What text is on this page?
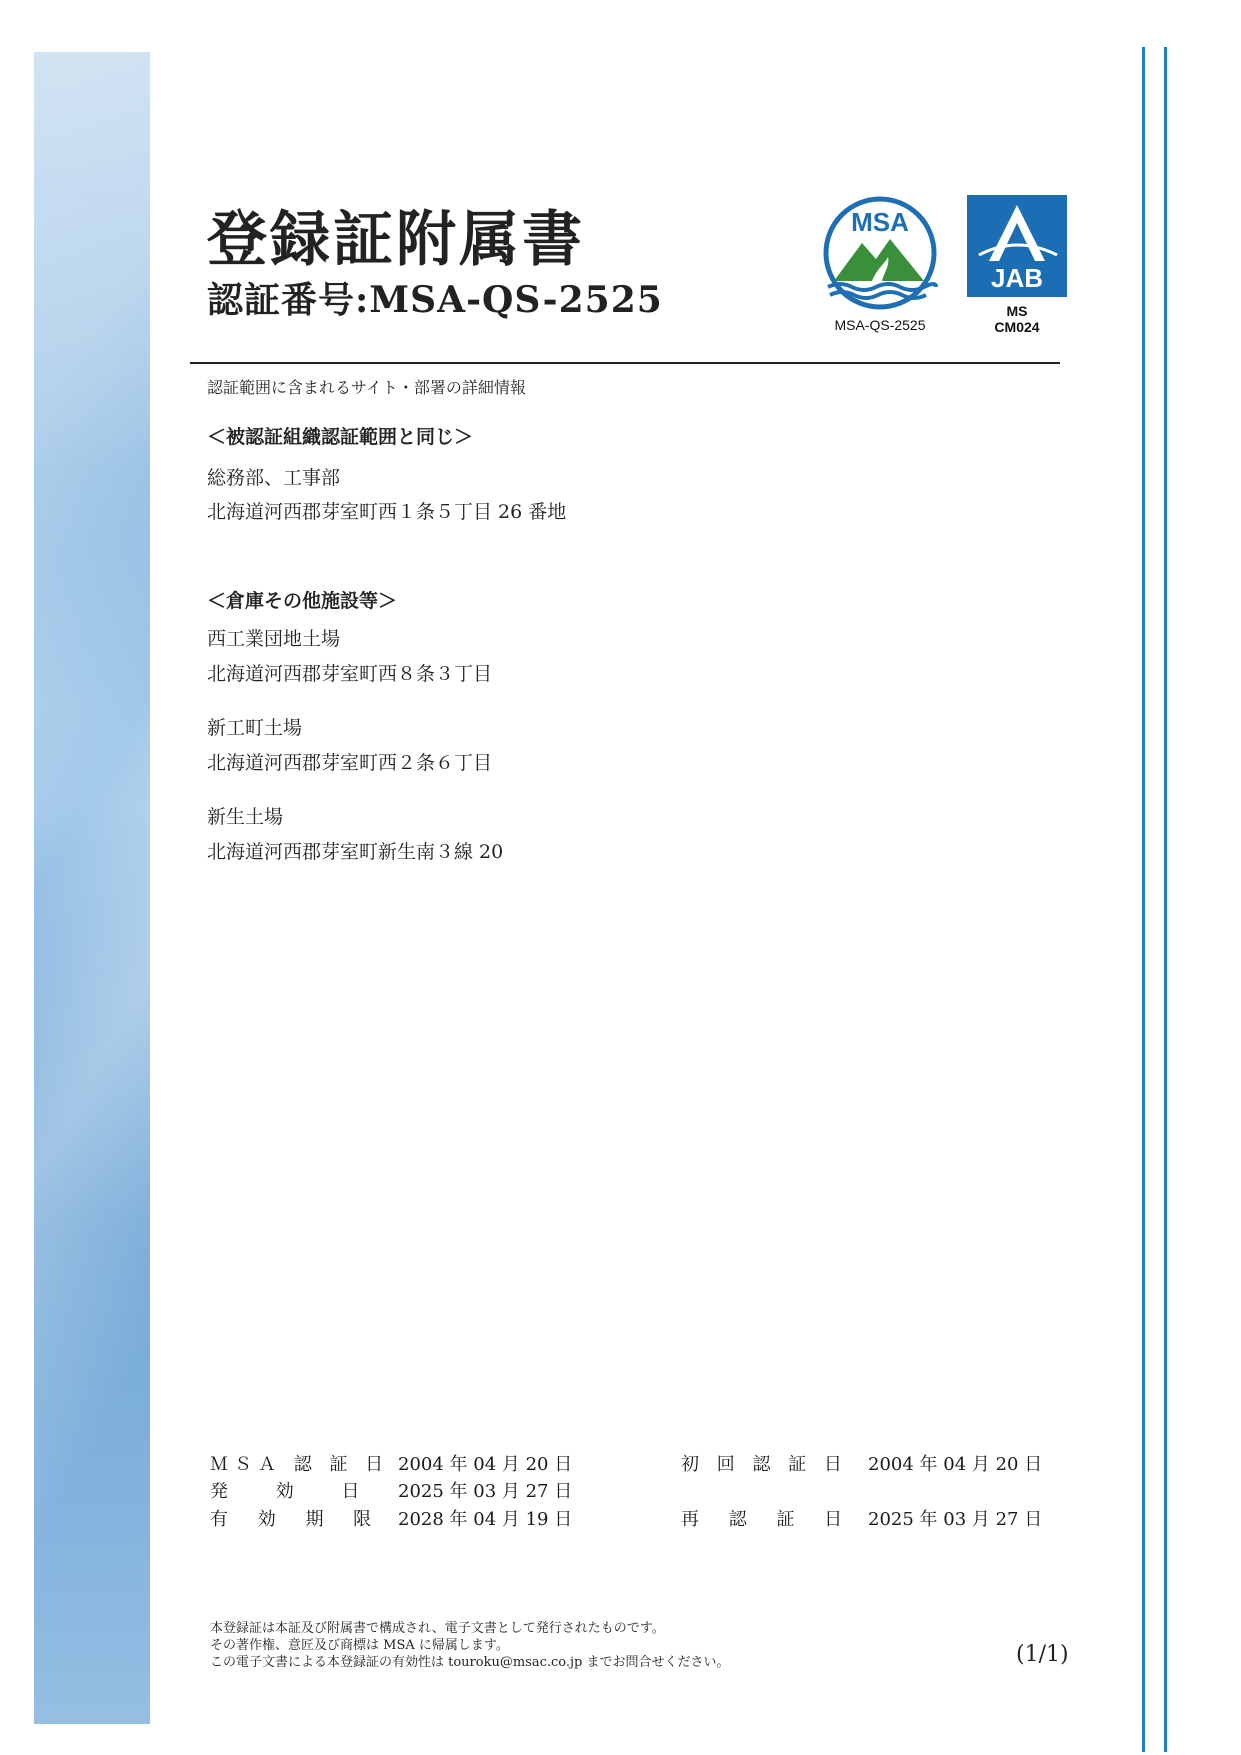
登録証附属書
認証番号:MSA-QS-2525
MSA
MSA-QS-2525
JAB
MS
CM024
認証範囲に含まれるサイト・部署の詳細情報
＜被認証組織認証範囲と同じ＞
総務部、工事部
北海道河西郡芽室町西１条５丁目 26 番地
＜倉庫その他施設等＞
西工業団地土場
北海道河西郡芽室町西８条３丁目
新工町土場
北海道河西郡芽室町西２条６丁目
新生土場
北海道河西郡芽室町新生南３線 20
ＭＳＡ 認 証 日 2004 年 04 月 20 日
発　 効　 日 2025 年 03 月 27 日
有 効 期 限 2028 年 04 月 19 日
初 回 認 証 日 2004 年 04 月 20 日
再 　認 　証 　日 2025 年 03 月 27 日
本登録証は本証及び附属書で構成され、電子文書として発行されたものです。
その著作権、意匠及び商標は MSA に帰属します。
この電子文書による本登録証の有効性は touroku@msac.co.jp までお問合せください。	(1/1)
